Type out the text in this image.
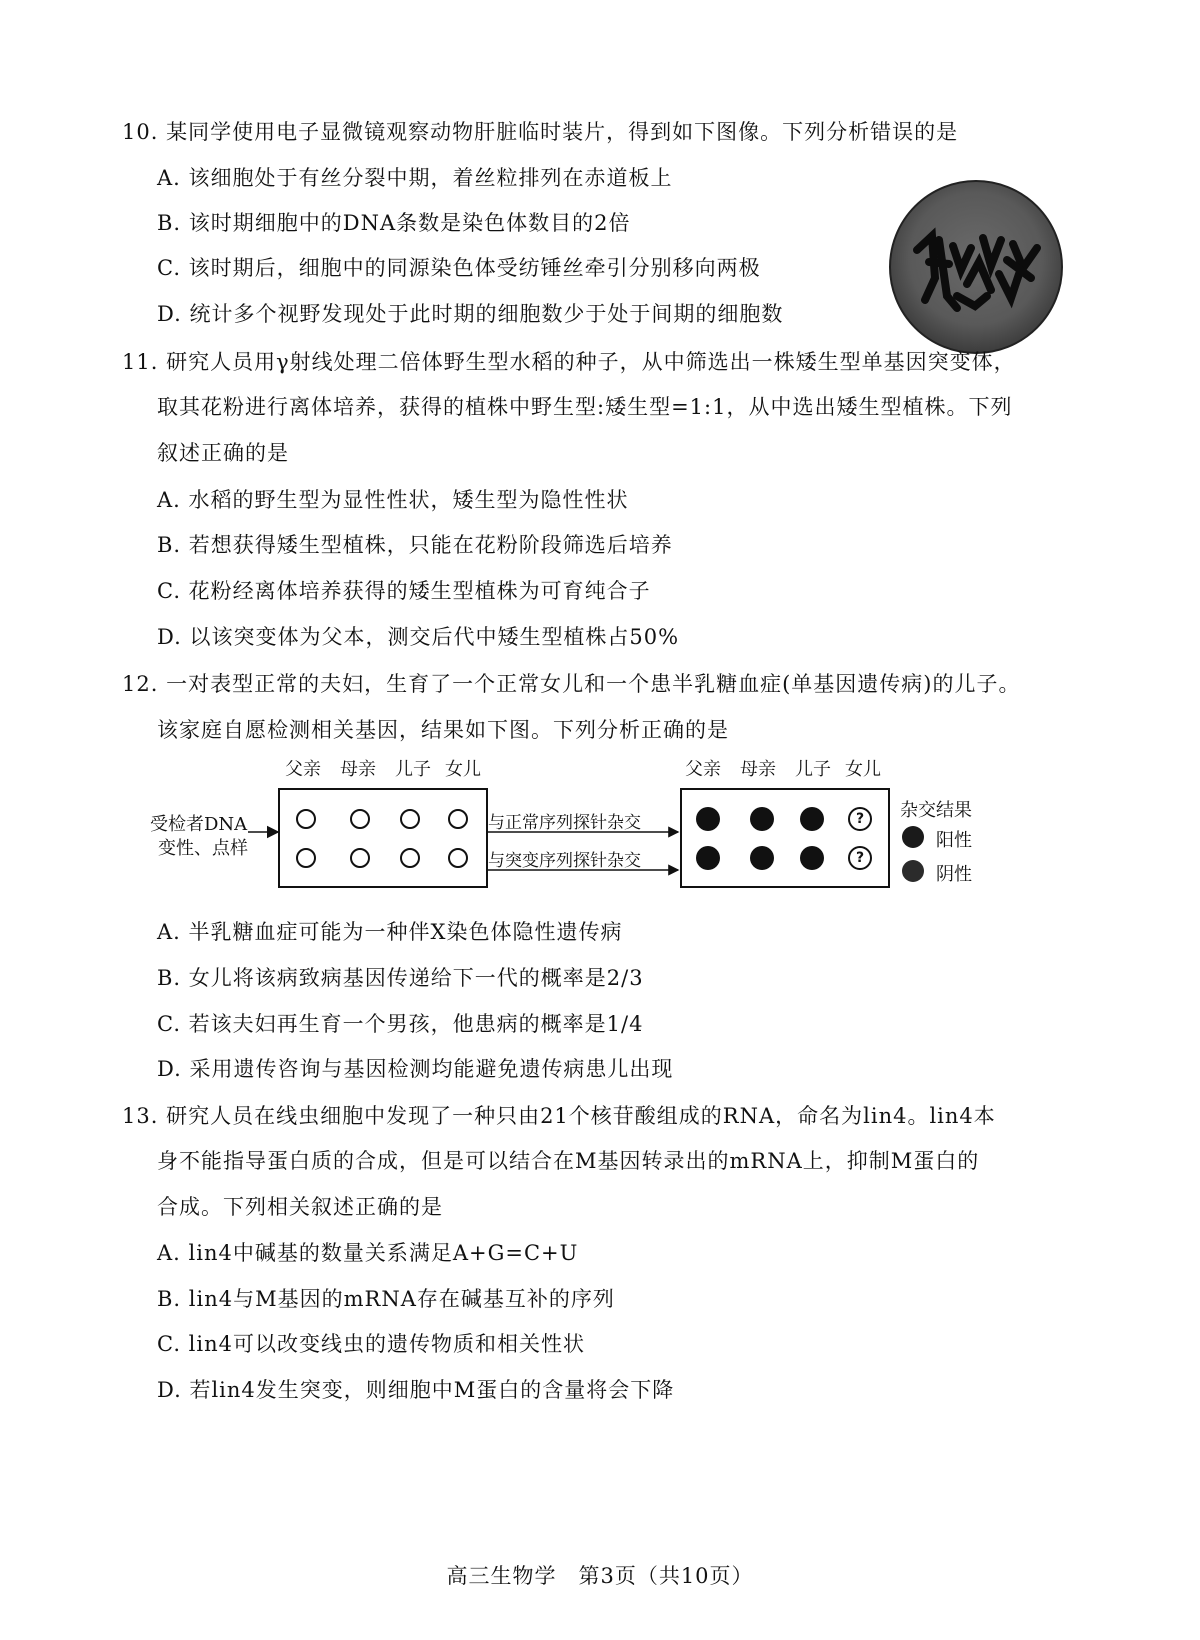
10. 某同学使用电子显微镜观察动物肝脏临时装片，得到如下图像。下列分析错误的是
A. 该细胞处于有丝分裂中期，着丝粒排列在赤道板上
B. 该时期细胞中的DNA条数是染色体数目的2倍
C. 该时期后，细胞中的同源染色体受纺锤丝牵引分别移向两极
D. 统计多个视野发现处于此时期的细胞数少于处于间期的细胞数
11. 研究人员用γ射线处理二倍体野生型水稻的种子，从中筛选出一株矮生型单基因突变体，
取其花粉进行离体培养，获得的植株中野生型:矮生型=1:1，从中选出矮生型植株。下列
叙述正确的是
A. 水稻的野生型为显性性状，矮生型为隐性性状
B. 若想获得矮生型植株，只能在花粉阶段筛选后培养
C. 花粉经离体培养获得的矮生型植株为可育纯合子
D. 以该突变体为父本，测交后代中矮生型植株占50%
12. 一对表型正常的夫妇，生育了一个正常女儿和一个患半乳糖血症(单基因遗传病)的儿子。
该家庭自愿检测相关基因，结果如下图。下列分析正确的是
父亲 母亲 儿子 女儿	父亲 母亲 儿子 女儿
受检者DNA
变性、点样
与正常序列探针杂交
与突变序列探针杂交
?
?
杂交结果
阳性
阴性
A. 半乳糖血症可能为一种伴X染色体隐性遗传病
B. 女儿将该病致病基因传递给下一代的概率是2/3
C. 若该夫妇再生育一个男孩，他患病的概率是1/4
D. 采用遗传咨询与基因检测均能避免遗传病患儿出现
13. 研究人员在线虫细胞中发现了一种只由21个核苷酸组成的RNA，命名为lin4。lin4本
身不能指导蛋白质的合成，但是可以结合在M基因转录出的mRNA上，抑制M蛋白的
合成。下列相关叙述正确的是
A. lin4中碱基的数量关系满足A+G=C+U
B. lin4与M基因的mRNA存在碱基互补的序列
C. lin4可以改变线虫的遗传物质和相关性状
D. 若lin4发生突变，则细胞中M蛋白的含量将会下降
高三生物学　第3页（共10页）
